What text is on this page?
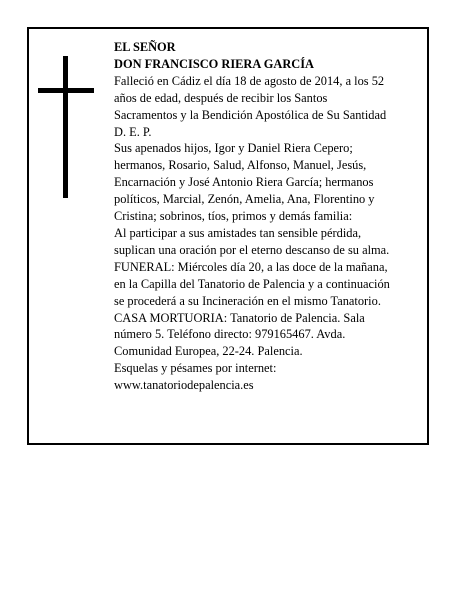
EL SEÑOR
DON FRANCISCO RIERA GARCÍA
Falleció en Cádiz el día 18 de agosto de 2014, a los 52
años de edad, después de recibir los Santos
Sacramentos y la Bendición Apostólica de Su Santidad
D. E. P.
Sus apenados hijos, Igor y Daniel Riera Cepero;
hermanos, Rosario, Salud, Alfonso, Manuel, Jesús,
Encarnación y José Antonio Riera García; hermanos
políticos, Marcial, Zenón, Amelia, Ana, Florentino y
Cristina; sobrinos, tíos, primos y demás familia:
Al participar a sus amistades tan sensible pérdida,
suplican una oración por el eterno descanso de su alma.
FUNERAL: Miércoles día 20, a las doce de la mañana,
en la Capilla del Tanatorio de Palencia y a continuación
se procederá a su Incineración en el mismo Tanatorio.
CASA MORTUORIA: Tanatorio de Palencia. Sala
número 5. Teléfono directo: 979165467. Avda.
Comunidad Europea, 22-24. Palencia.
Esquelas y pésames por internet:
www.tanatoriodepalencia.es
